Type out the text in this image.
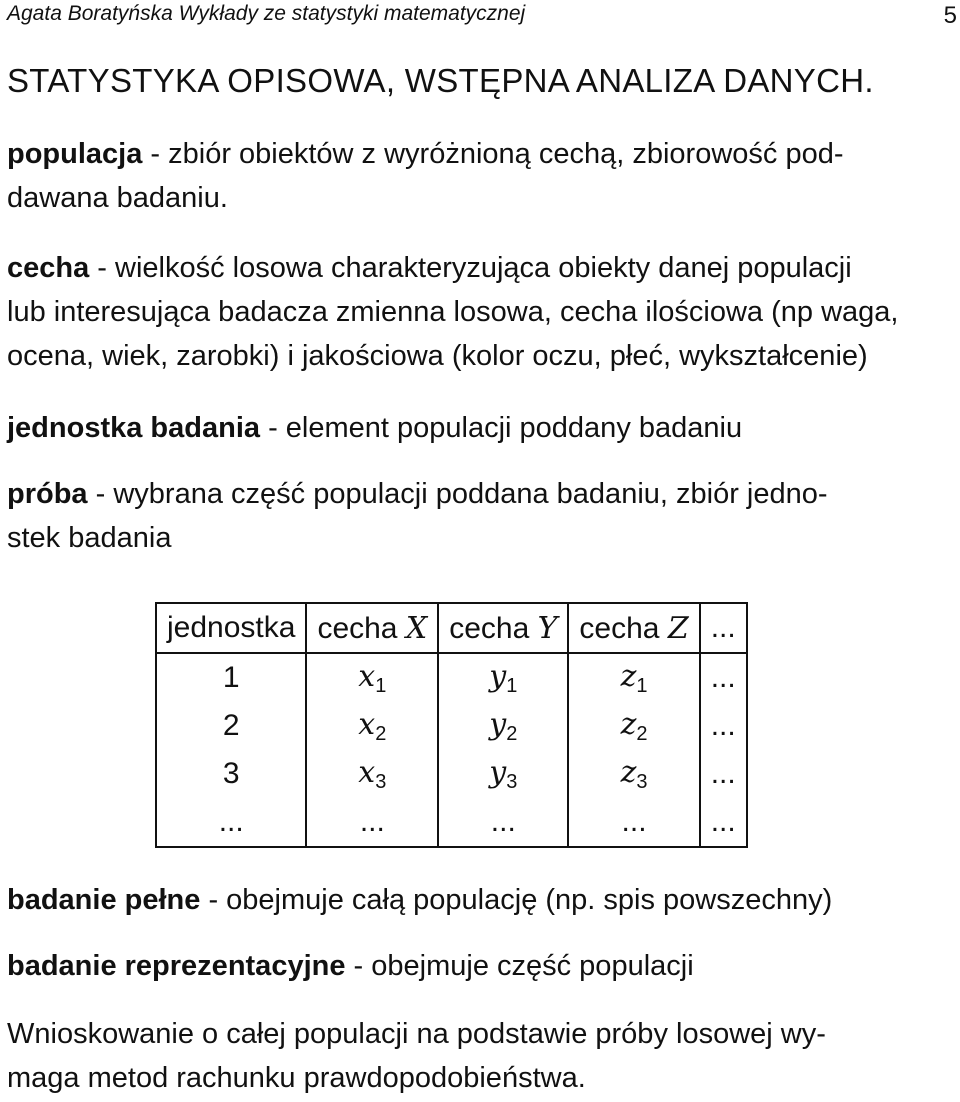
Agata Boratyńska Wykłady ze statystyki matematycznej	5
STATYSTYKA OPISOWA, WSTĘPNA ANALIZA DANYCH.
populacja - zbiór obiektów z wyróżnioną cechą, zbiorowość pod-
dawana badaniu.
cecha - wielkość losowa charakteryzująca obiekty danej populacji
lub interesująca badacza zmienna losowa, cecha ilościowa (np waga,
ocena, wiek, zarobki) i jakościowa (kolor oczu, płeć, wykształcenie)
jednostka badania - element populacji poddany badaniu
próba - wybrana część populacji poddana badaniu, zbiór jedno-
stek badania
jednostka	cecha X	cecha Y	cecha Z	...
1	$x_1$	$y_1$	$z_1$	...
2	$x_2$	$y_2$	$z_2$	...
3	$x_3$	$y_3$	$z_3$	...
...	...	...	...	...
badanie pełne - obejmuje całą populację (np. spis powszechny)
badanie reprezentacyjne - obejmuje część populacji
Wnioskowanie o całej populacji na podstawie próby losowej wy-
maga metod rachunku prawdopodobieństwa.
